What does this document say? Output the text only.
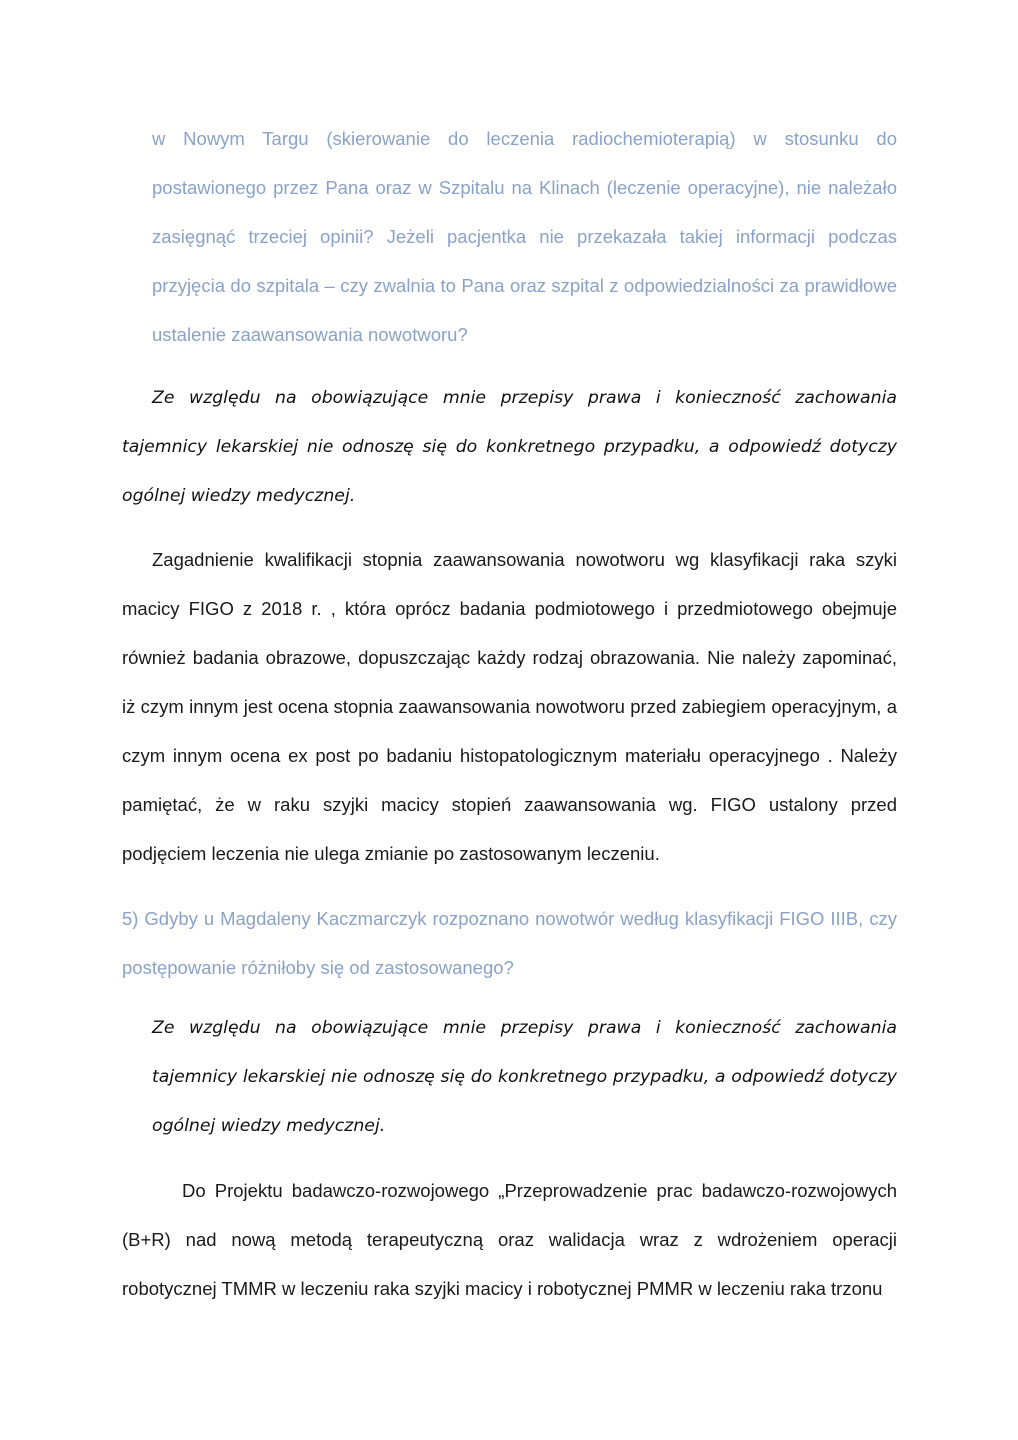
w Nowym Targu (skierowanie do leczenia radiochemioterapią) w stosunku do postawionego przez Pana oraz w Szpitalu na Klinach (leczenie operacyjne), nie należało zasięgnąć trzeciej opinii? Jeżeli pacjentka nie przekazała takiej informacji podczas przyjęcia do szpitala – czy zwalnia to Pana oraz szpital z odpowiedzialności za prawidłowe ustalenie zaawansowania nowotworu?

Ze względu na obowiązujące mnie przepisy prawa i konieczność zachowania tajemnicy lekarskiej nie odnoszę się do konkretnego przypadku, a odpowiedź dotyczy ogólnej wiedzy medycznej.

Zagadnienie kwalifikacji stopnia zaawansowania nowotworu wg klasyfikacji raka szyki macicy FIGO z 2018 r. , która oprócz badania podmiotowego i przedmiotowego obejmuje również badania obrazowe, dopuszczając każdy rodzaj obrazowania. Nie należy zapominać, iż czym innym jest ocena stopnia zaawansowania nowotworu przed zabiegiem operacyjnym, a czym innym ocena ex post po badaniu histopatologicznym materiału operacyjnego . Należy pamiętać, że w raku szyjki macicy stopień zaawansowania wg. FIGO ustalony przed podjęciem leczenia nie ulega zmianie po zastosowanym leczeniu.

5) Gdyby u Magdaleny Kaczmarczyk rozpoznano nowotwór według klasyfikacji FIGO IIIB, czy postępowanie różniłoby się od zastosowanego?

Ze względu na obowiązujące mnie przepisy prawa i konieczność zachowania tajemnicy lekarskiej nie odnoszę się do konkretnego przypadku, a odpowiedź dotyczy ogólnej wiedzy medycznej.

Do Projektu badawczo-rozwojowego „Przeprowadzenie prac badawczo-rozwojowych (B+R) nad nową metodą terapeutyczną oraz walidacja wraz z wdrożeniem operacji robotycznej TMMR w leczeniu raka szyjki macicy i robotycznej PMMR w leczeniu raka trzonu
